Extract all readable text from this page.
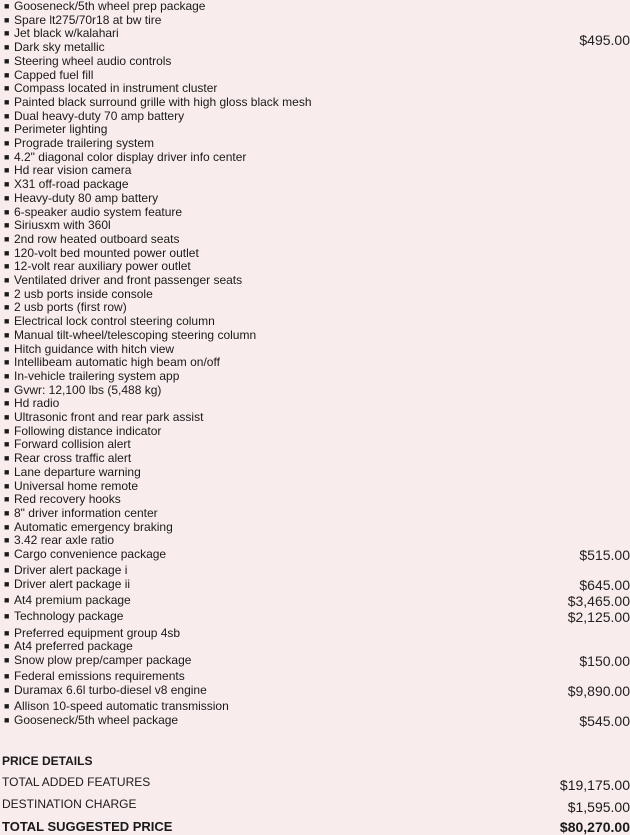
■ Gooseneck/5th wheel prep package
■ Spare lt275/70r18 at bw tire
■ Jet black w/kalahari
■ Dark sky metallic	$495.00
■ Steering wheel audio controls
■ Capped fuel fill
■ Compass located in instrument cluster
■ Painted black surround grille with high gloss black mesh
■ Dual heavy-duty 70 amp battery
■ Perimeter lighting
■ Prograde trailering system
■ 4.2" diagonal color display driver info center
■ Hd rear vision camera
■ X31 off-road package
■ Heavy-duty 80 amp battery
■ 6-speaker audio system feature
■ Siriusxm with 360l
■ 2nd row heated outboard seats
■ 120-volt bed mounted power outlet
■ 12-volt rear auxiliary power outlet
■ Ventilated driver and front passenger seats
■ 2 usb ports inside console
■ 2 usb ports (first row)
■ Electrical lock control steering column
■ Manual tilt-wheel/telescoping steering column
■ Hitch guidance with hitch view
■ Intellibeam automatic high beam on/off
■ In-vehicle trailering system app
■ Gvwr: 12,100 lbs (5,488 kg)
■ Hd radio
■ Ultrasonic front and rear park assist
■ Following distance indicator
■ Forward collision alert
■ Rear cross traffic alert
■ Lane departure warning
■ Universal home remote
■ Red recovery hooks
■ 8" driver information center
■ Automatic emergency braking
■ 3.42 rear axle ratio
■ Cargo convenience package	$515.00
■ Driver alert package i
■ Driver alert package ii	$645.00
■ At4 premium package	$3,465.00
■ Technology package	$2,125.00
■ Preferred equipment group 4sb
■ At4 preferred package
■ Snow plow prep/camper package	$150.00
■ Federal emissions requirements
■ Duramax 6.6l turbo-diesel v8 engine	$9,890.00
■ Allison 10-speed automatic transmission
■ Gooseneck/5th wheel package	$545.00
PRICE DETAILS
TOTAL ADDED FEATURES	$19,175.00
DESTINATION CHARGE	$1,595.00
TOTAL SUGGESTED PRICE	$80,270.00
